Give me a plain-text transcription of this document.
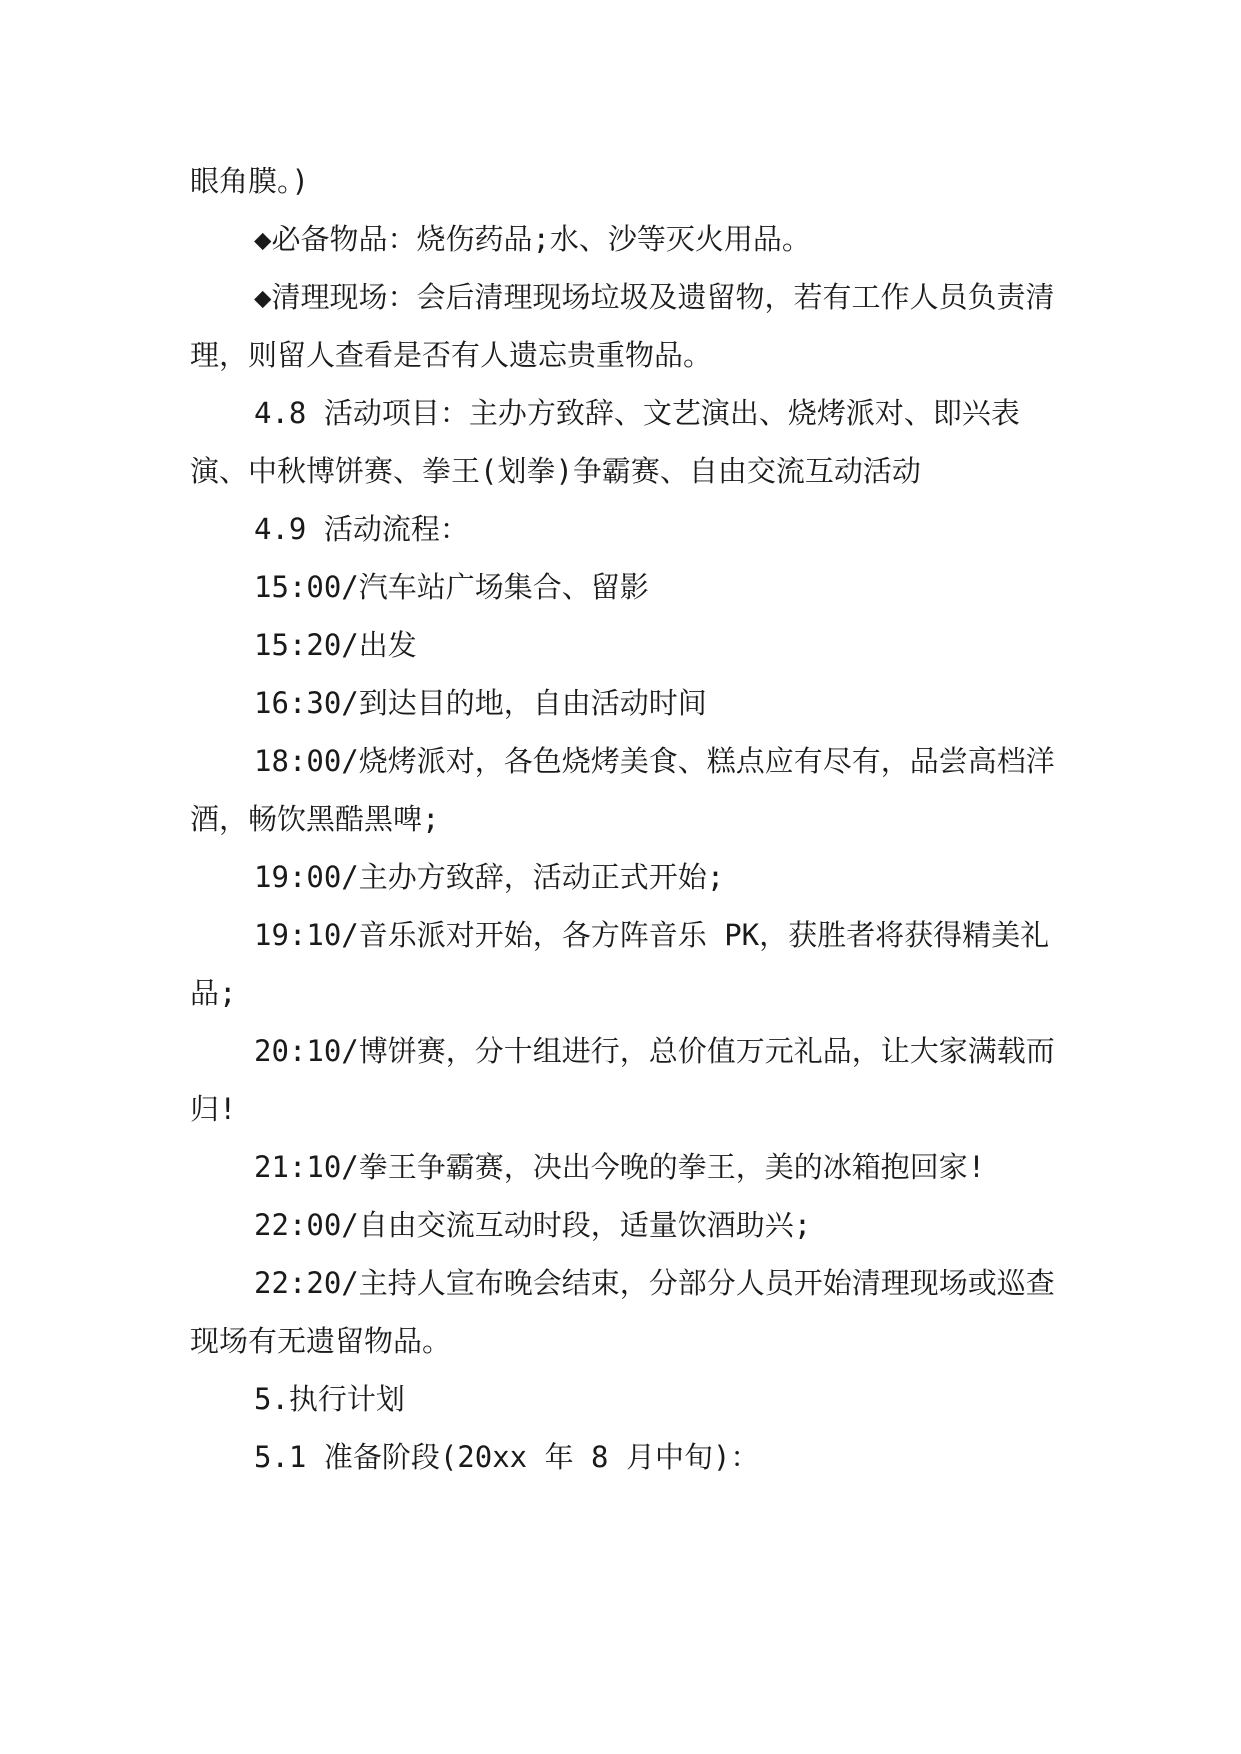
眼角膜。)

◆必备物品：烧伤药品;水、沙等灭火用品。

◆清理现场：会后清理现场垃圾及遗留物，若有工作人员负责清理，则留人查看是否有人遗忘贵重物品。

4.8 活动项目：主办方致辞、文艺演出、烧烤派对、即兴表演、中秋博饼赛、拳王(划拳)争霸赛、自由交流互动活动

4.9 活动流程：

15:00/汽车站广场集合、留影

15:20/出发

16:30/到达目的地，自由活动时间

18:00/烧烤派对，各色烧烤美食、糕点应有尽有，品尝高档洋酒，畅饮黑酷黑啤;

19:00/主办方致辞，活动正式开始;

19:10/音乐派对开始，各方阵音乐 PK，获胜者将获得精美礼品;

20:10/博饼赛，分十组进行，总价值万元礼品，让大家满载而归!

21:10/拳王争霸赛，决出今晚的拳王，美的冰箱抱回家!

22:00/自由交流互动时段，适量饮酒助兴;

22:20/主持人宣布晚会结束，分部分人员开始清理现场或巡查现场有无遗留物品。

5.执行计划

5.1 准备阶段(20xx 年 8 月中旬)：
